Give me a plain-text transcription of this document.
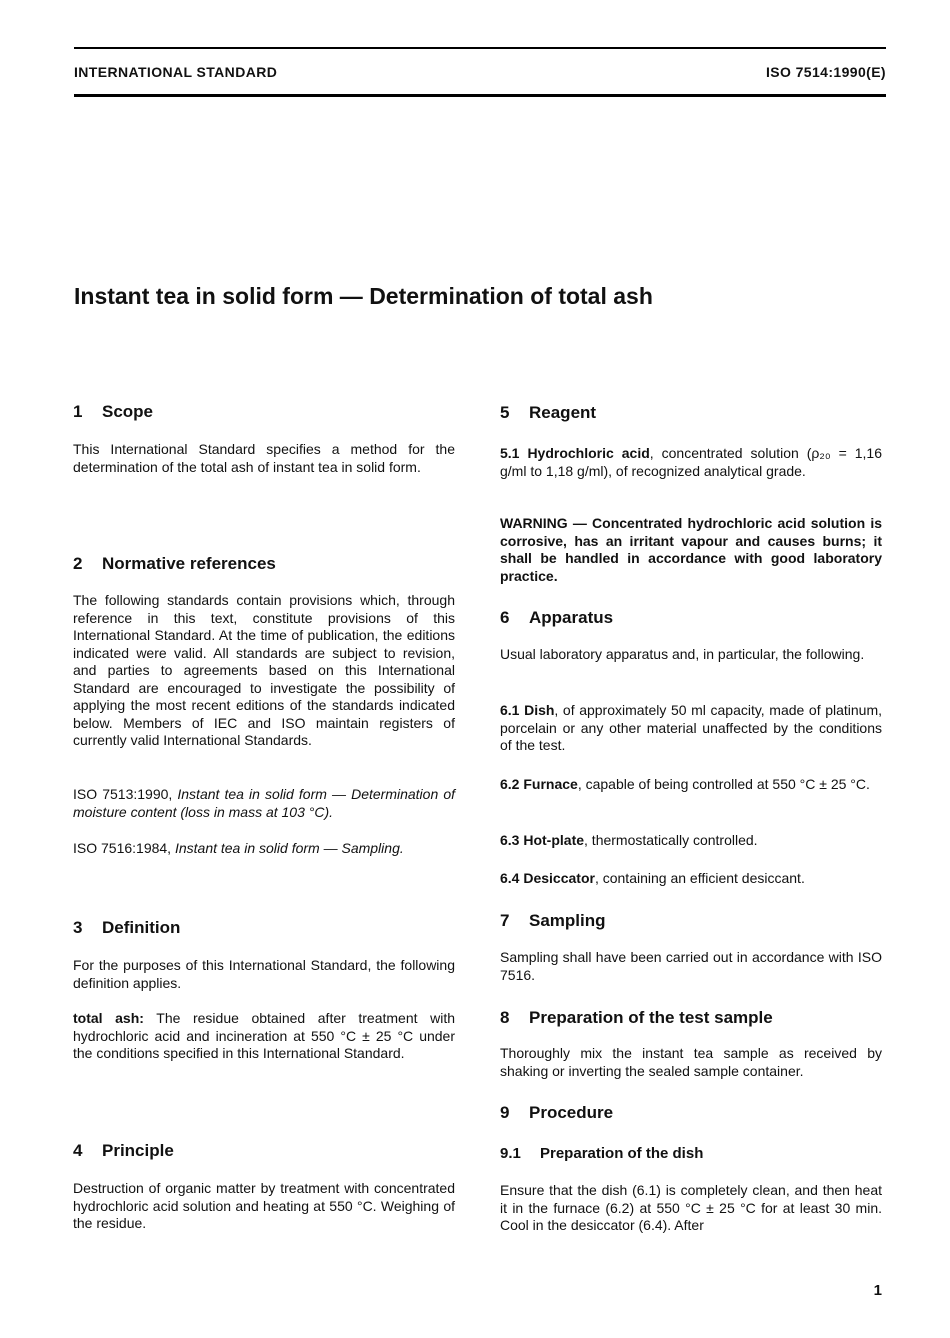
INTERNATIONAL STANDARD	ISO 7514:1990(E)
Instant tea in solid form — Determination of total ash
1 Scope

This International Standard specifies a method for the determination of the total ash of instant tea in solid form.

2 Normative references

The following standards contain provisions which, through reference in this text, constitute provisions of this International Standard. At the time of publication, the editions indicated were valid. All standards are subject to revision, and parties to agreements based on this International Standard are encouraged to investigate the possibility of applying the most recent editions of the standards indicated below. Members of IEC and ISO maintain registers of currently valid International Standards.

ISO 7513:1990, Instant tea in solid form — Determination of moisture content (loss in mass at 103 °C).

ISO 7516:1984, Instant tea in solid form — Sampling.

3 Definition

For the purposes of this International Standard, the following definition applies.

total ash: The residue obtained after treatment with hydrochloric acid and incineration at 550 °C ± 25 °C under the conditions specified in this International Standard.

4 Principle

Destruction of organic matter by treatment with concentrated hydrochloric acid solution and heating at 550 °C. Weighing of the residue.

5 Reagent

5.1 Hydrochloric acid, concentrated solution (ρ₂₀ = 1,16 g/ml to 1,18 g/ml), of recognized analytical grade.

WARNING — Concentrated hydrochloric acid solution is corrosive, has an irritant vapour and causes burns; it shall be handled in accordance with good laboratory practice.

6 Apparatus

Usual laboratory apparatus and, in particular, the following.

6.1 Dish, of approximately 50 ml capacity, made of platinum, porcelain or any other material unaffected by the conditions of the test.

6.2 Furnace, capable of being controlled at 550 °C ± 25 °C.

6.3 Hot-plate, thermostatically controlled.

6.4 Desiccator, containing an efficient desiccant.

7 Sampling

Sampling shall have been carried out in accordance with ISO 7516.

8 Preparation of the test sample

Thoroughly mix the instant tea sample as received by shaking or inverting the sealed sample container.

9 Procedure
9.1 Preparation of the dish

Ensure that the dish (6.1) is completely clean, and then heat it in the furnace (6.2) at 550 °C ± 25 °C for at least 30 min. Cool in the desiccator (6.4). After

1
